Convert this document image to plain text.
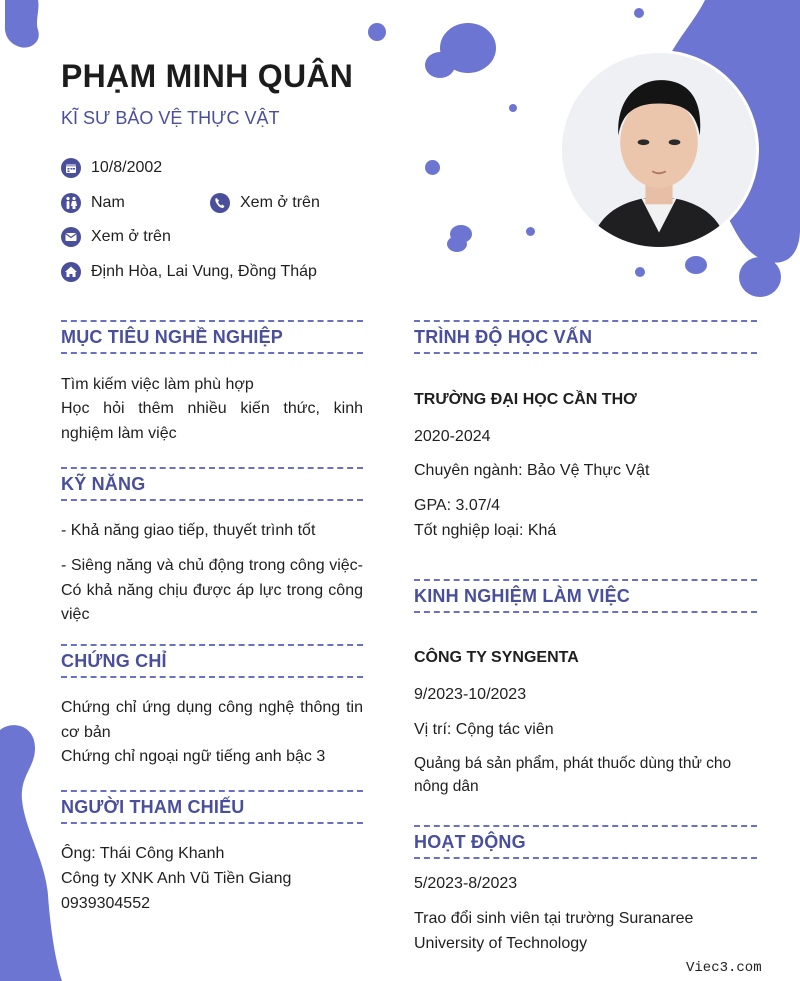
PHẠM MINH QUÂN

KĨ SƯ BẢO VỆ THỰC VẬT

10/8/2002
Nam	Xem ở trên
Xem ở trên
Định Hòa, Lai Vung, Đồng Tháp
MỤC TIÊU NGHỀ NGHIỆP
Tìm kiếm việc làm phù hợp
Học hỏi thêm nhiều kiến thức, kinh nghiệm làm việc
KỸ NĂNG
- Khả năng giao tiếp, thuyết trình tốt
- Siêng năng và chủ động trong công việc- Có khả năng chịu được áp lực trong công việc
CHỨNG CHỈ
Chứng chỉ ứng dụng công nghệ thông tin cơ bản
Chứng chỉ ngoại ngữ tiếng anh bậc 3
NGƯỜI THAM CHIẾU
Ông: Thái Công Khanh
Công ty XNK Anh Vũ Tiền Giang
0939304552
TRÌNH ĐỘ HỌC VẤN
TRƯỜNG ĐẠI HỌC CẦN THƠ
2020-2024
Chuyên ngành: Bảo Vệ Thực Vật
GPA: 3.07/4
Tốt nghiệp loại: Khá
KINH NGHIỆM LÀM VIỆC
CÔNG TY SYNGENTA
9/2023-10/2023
Vị trí: Cộng tác viên
Quảng bá sản phẩm, phát thuốc dùng thử cho nông dân
HOẠT ĐỘNG
5/2023-8/2023
Trao đổi sinh viên tại trường Suranaree University of Technology
Viec3.com
